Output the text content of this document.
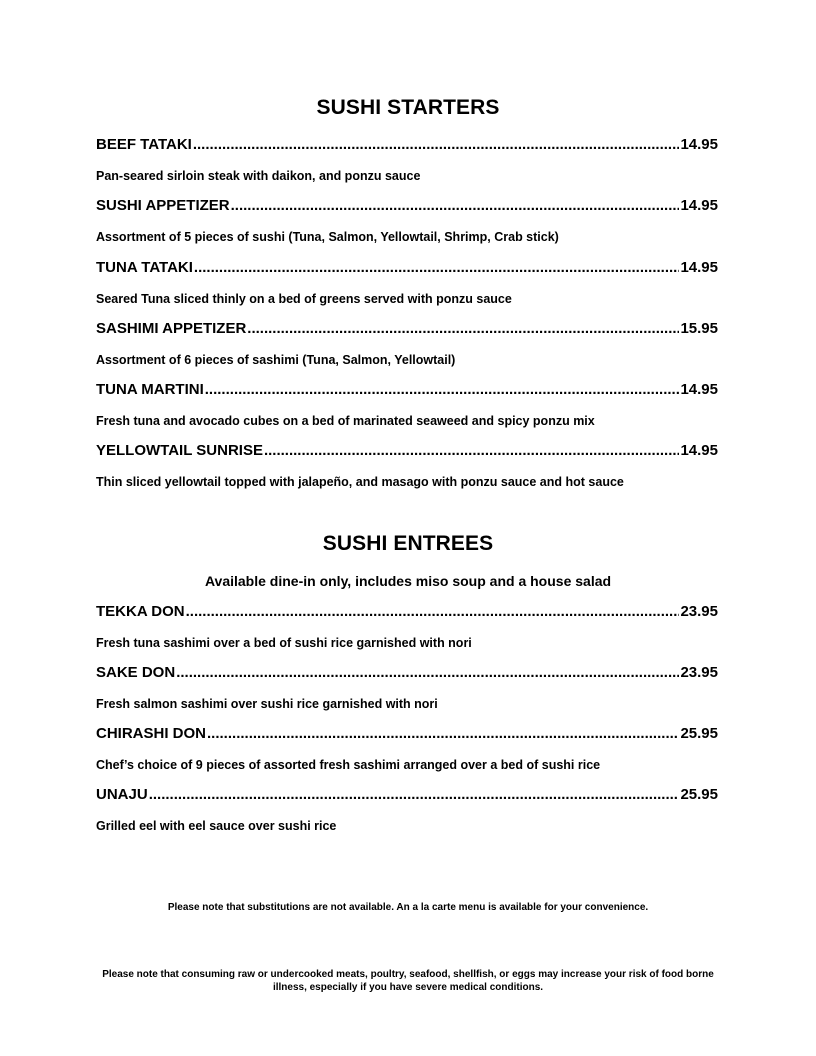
SUSHI STARTERS
BEEF TATAKI .....	14.95
Pan-seared sirloin steak with daikon, and ponzu sauce
SUSHI APPETIZER .....	14.95
Assortment of 5 pieces of sushi (Tuna, Salmon, Yellowtail, Shrimp, Crab stick)
TUNA TATAKI .....	14.95
Seared Tuna sliced thinly on a bed of greens served with ponzu sauce
SASHIMI APPETIZER .....	15.95
Assortment of 6 pieces of sashimi (Tuna, Salmon, Yellowtail)
TUNA MARTINI .....	14.95
Fresh tuna and avocado cubes on a bed of marinated seaweed and spicy ponzu mix
YELLOWTAIL SUNRISE .....	14.95
Thin sliced yellowtail topped with jalapeño, and masago with ponzu sauce and hot sauce
SUSHI ENTREES
Available dine-in only, includes miso soup and a house salad
TEKKA DON .....	23.95
Fresh tuna sashimi over a bed of sushi rice garnished with nori
SAKE DON .....	23.95
Fresh salmon sashimi over sushi rice garnished with nori
CHIRASHI DON .....	25.95
Chef’s choice of 9 pieces of assorted fresh sashimi arranged over a bed of sushi rice
UNAJU .....	25.95
Grilled eel with eel sauce over sushi rice
Please note that substitutions are not available. An a la carte menu is available for your convenience.
Please note that consuming raw or undercooked meats, poultry, seafood, shellfish, or eggs may increase your risk of food borne illness, especially if you have severe medical conditions.
